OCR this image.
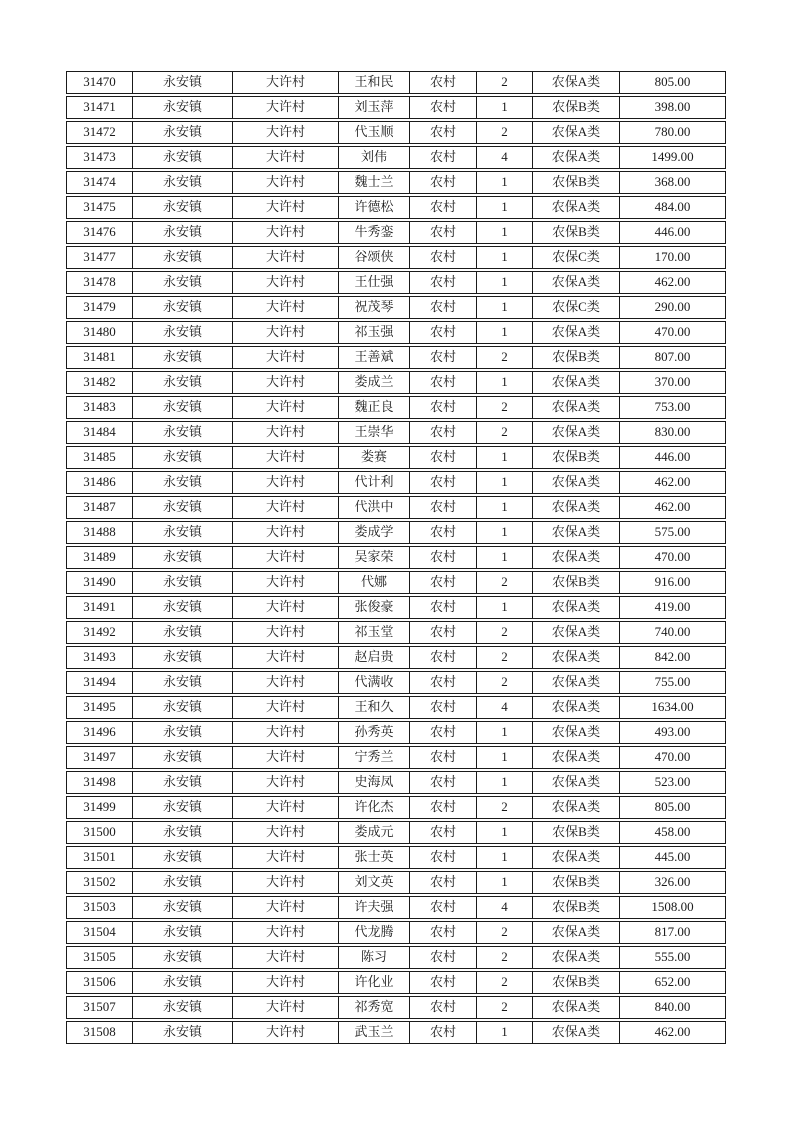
31470	永安镇	大许村	王和民	农村	2	农保A类	805.00
31471	永安镇	大许村	刘玉萍	农村	1	农保B类	398.00
31472	永安镇	大许村	代玉顺	农村	2	农保A类	780.00
31473	永安镇	大许村	刘伟	农村	4	农保A类	1499.00
31474	永安镇	大许村	魏士兰	农村	1	农保B类	368.00
31475	永安镇	大许村	许德松	农村	1	农保A类	484.00
31476	永安镇	大许村	牛秀銮	农村	1	农保B类	446.00
31477	永安镇	大许村	谷颂侠	农村	1	农保C类	170.00
31478	永安镇	大许村	王仕强	农村	1	农保A类	462.00
31479	永安镇	大许村	祝茂琴	农村	1	农保C类	290.00
31480	永安镇	大许村	祁玉强	农村	1	农保A类	470.00
31481	永安镇	大许村	王善斌	农村	2	农保B类	807.00
31482	永安镇	大许村	娄成兰	农村	1	农保A类	370.00
31483	永安镇	大许村	魏正良	农村	2	农保A类	753.00
31484	永安镇	大许村	王崇华	农村	2	农保A类	830.00
31485	永安镇	大许村	娄赛	农村	1	农保B类	446.00
31486	永安镇	大许村	代计利	农村	1	农保A类	462.00
31487	永安镇	大许村	代洪中	农村	1	农保A类	462.00
31488	永安镇	大许村	娄成学	农村	1	农保A类	575.00
31489	永安镇	大许村	吴家荣	农村	1	农保A类	470.00
31490	永安镇	大许村	代娜	农村	2	农保B类	916.00
31491	永安镇	大许村	张俊豪	农村	1	农保A类	419.00
31492	永安镇	大许村	祁玉堂	农村	2	农保A类	740.00
31493	永安镇	大许村	赵启贵	农村	2	农保A类	842.00
31494	永安镇	大许村	代满收	农村	2	农保A类	755.00
31495	永安镇	大许村	王和久	农村	4	农保A类	1634.00
31496	永安镇	大许村	孙秀英	农村	1	农保A类	493.00
31497	永安镇	大许村	宁秀兰	农村	1	农保A类	470.00
31498	永安镇	大许村	史海凤	农村	1	农保A类	523.00
31499	永安镇	大许村	许化杰	农村	2	农保A类	805.00
31500	永安镇	大许村	娄成元	农村	1	农保B类	458.00
31501	永安镇	大许村	张士英	农村	1	农保A类	445.00
31502	永安镇	大许村	刘文英	农村	1	农保B类	326.00
31503	永安镇	大许村	许夫强	农村	4	农保B类	1508.00
31504	永安镇	大许村	代龙腾	农村	2	农保A类	817.00
31505	永安镇	大许村	陈习	农村	2	农保A类	555.00
31506	永安镇	大许村	许化业	农村	2	农保B类	652.00
31507	永安镇	大许村	祁秀宽	农村	2	农保A类	840.00
31508	永安镇	大许村	武玉兰	农村	1	农保A类	462.00
